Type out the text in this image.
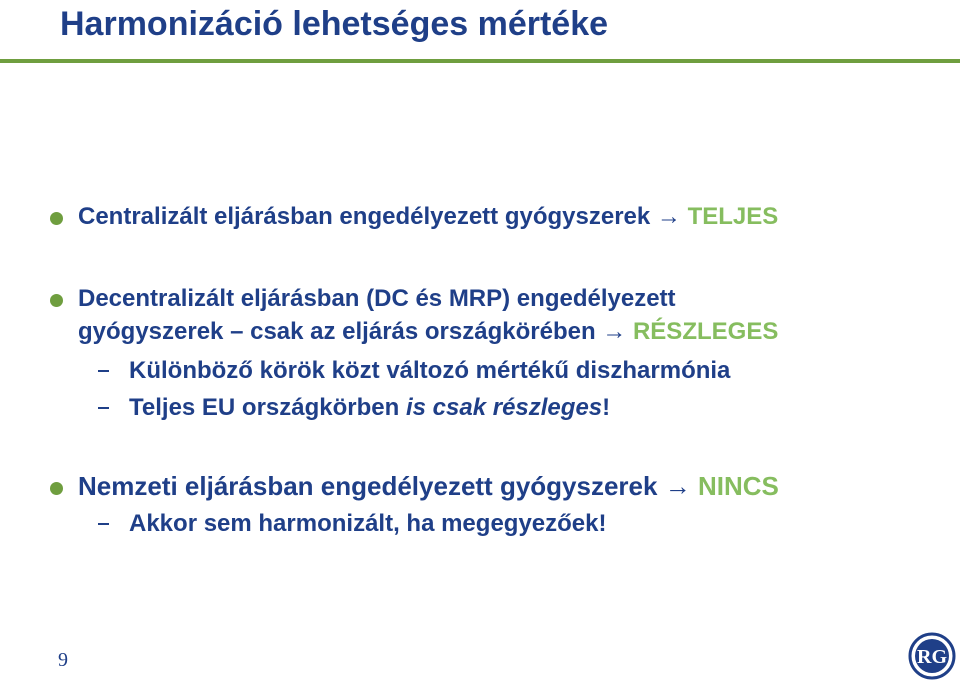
Harmonizáció lehetséges mértéke
Centralizált eljárásban engedélyezett gyógyszerek → TELJES
Decentralizált eljárásban (DC és MRP) engedélyezett
gyógyszerek – csak az eljárás országkörében → RÉSZLEGES
Különböző körök közt változó mértékű diszharmónia
Teljes EU országkörben is csak részleges!
Nemzeti eljárásban engedélyezett gyógyszerek → NINCS
Akkor sem harmonizált, ha megegyezőek!
9	RG
